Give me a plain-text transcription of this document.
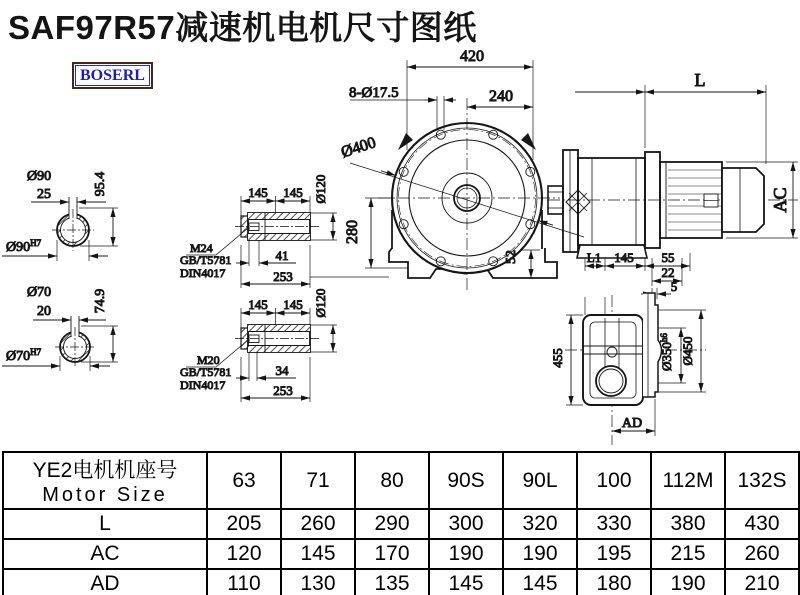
Ø90
25	95.4
$Ø90^{H7}$
Ø70
20	74.9
$Ø70^{H7}$
145 145 Ø120
M24
GB/T5781
DIN4017
41
253
145 145 Ø120
M20
GB/T5781
DIN4017
34
253
420
8-Ø17.5	240
Ø400
280
52
L
AC
L1 145 55
22
5
455	$Ø350^{h6}$ Ø450
AD
SAF97R57减速机电机尺寸图纸
BOSERL
YE2电机机座号
Motor Size	63	71	80	90S	90L	100	112M	132S
L	205	260	290	300	320	330	380	430
AC	120	145	170	190	190	195	215	260
AD	110	130	135	145	145	180	190	210
